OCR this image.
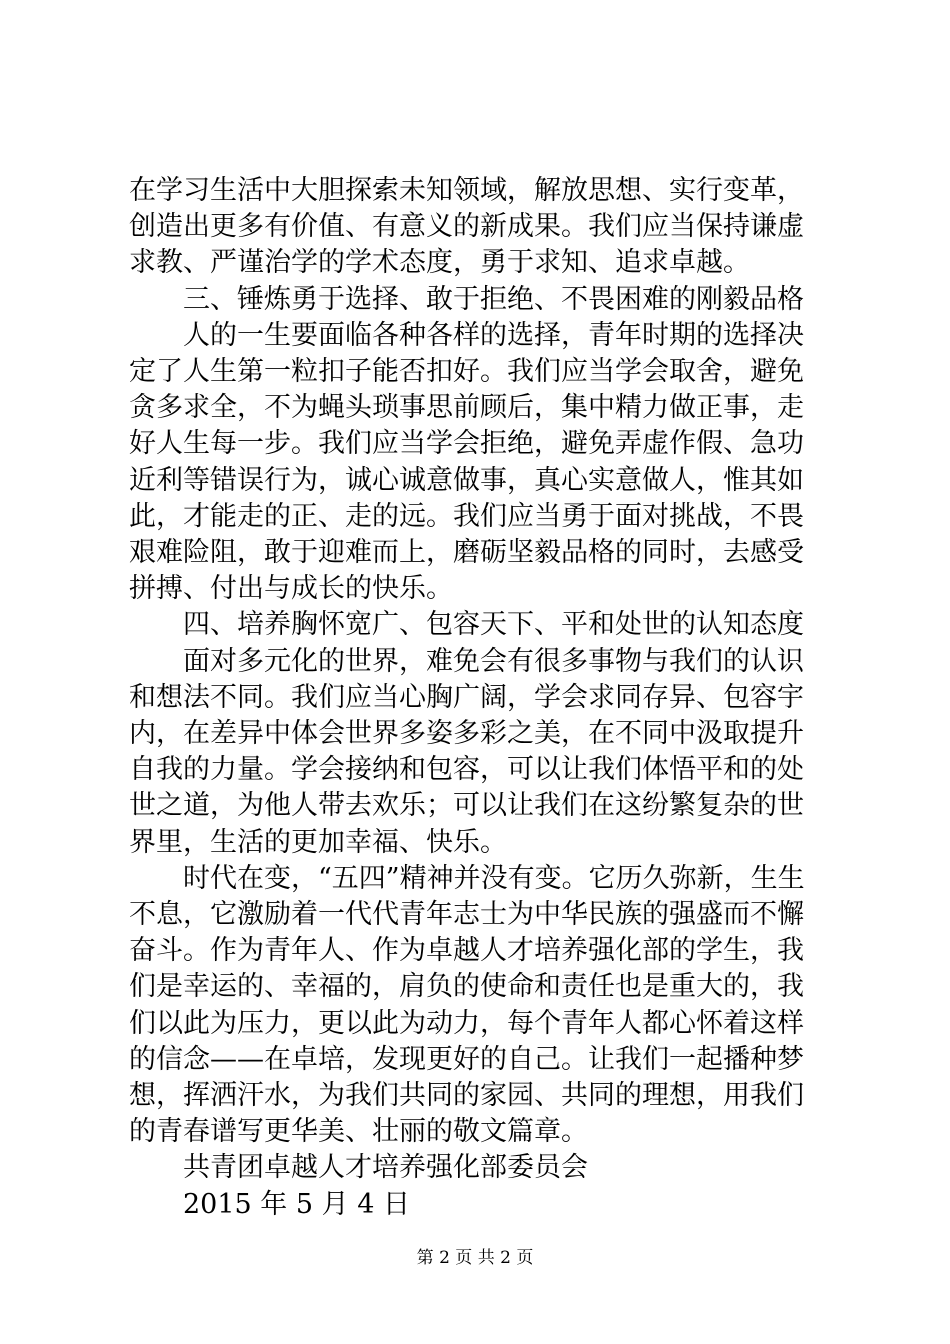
在学习生活中大胆探索未知领域，解放思想、实行变革，创造出更多有价值、有意义的新成果。我们应当保持谦虚求教、严谨治学的学术态度，勇于求知、追求卓越。

三、锤炼勇于选择、敢于拒绝、不畏困难的刚毅品格

人的一生要面临各种各样的选择，青年时期的选择决定了人生第一粒扣子能否扣好。我们应当学会取舍，避免贪多求全，不为蝇头琐事思前顾后，集中精力做正事，走好人生每一步。我们应当学会拒绝，避免弄虚作假、急功近利等错误行为，诚心诚意做事，真心实意做人，惟其如此，才能走的正、走的远。我们应当勇于面对挑战，不畏艰难险阻，敢于迎难而上，磨砺坚毅品格的同时，去感受拼搏、付出与成长的快乐。

四、培养胸怀宽广、包容天下、平和处世的认知态度

面对多元化的世界，难免会有很多事物与我们的认识和想法不同。我们应当心胸广阔，学会求同存异、包容宇内，在差异中体会世界多姿多彩之美，在不同中汲取提升自我的力量。学会接纳和包容，可以让我们体悟平和的处世之道，为他人带去欢乐；可以让我们在这纷繁复杂的世界里，生活的更加幸福、快乐。

时代在变，“五四”精神并没有变。它历久弥新，生生不息，它激励着一代代青年志士为中华民族的强盛而不懈奋斗。作为青年人、作为卓越人才培养强化部的学生，我们是幸运的、幸福的，肩负的使命和责任也是重大的，我们以此为压力，更以此为动力，每个青年人都心怀着这样的信念——在卓培，发现更好的自己。让我们一起播种梦想，挥洒汗水，为我们共同的家园、共同的理想，用我们的青春谱写更华美、壮丽的敬文篇章。

共青团卓越人才培养强化部委员会

2015 年 5 月 4 日

第 2 页 共 2 页
